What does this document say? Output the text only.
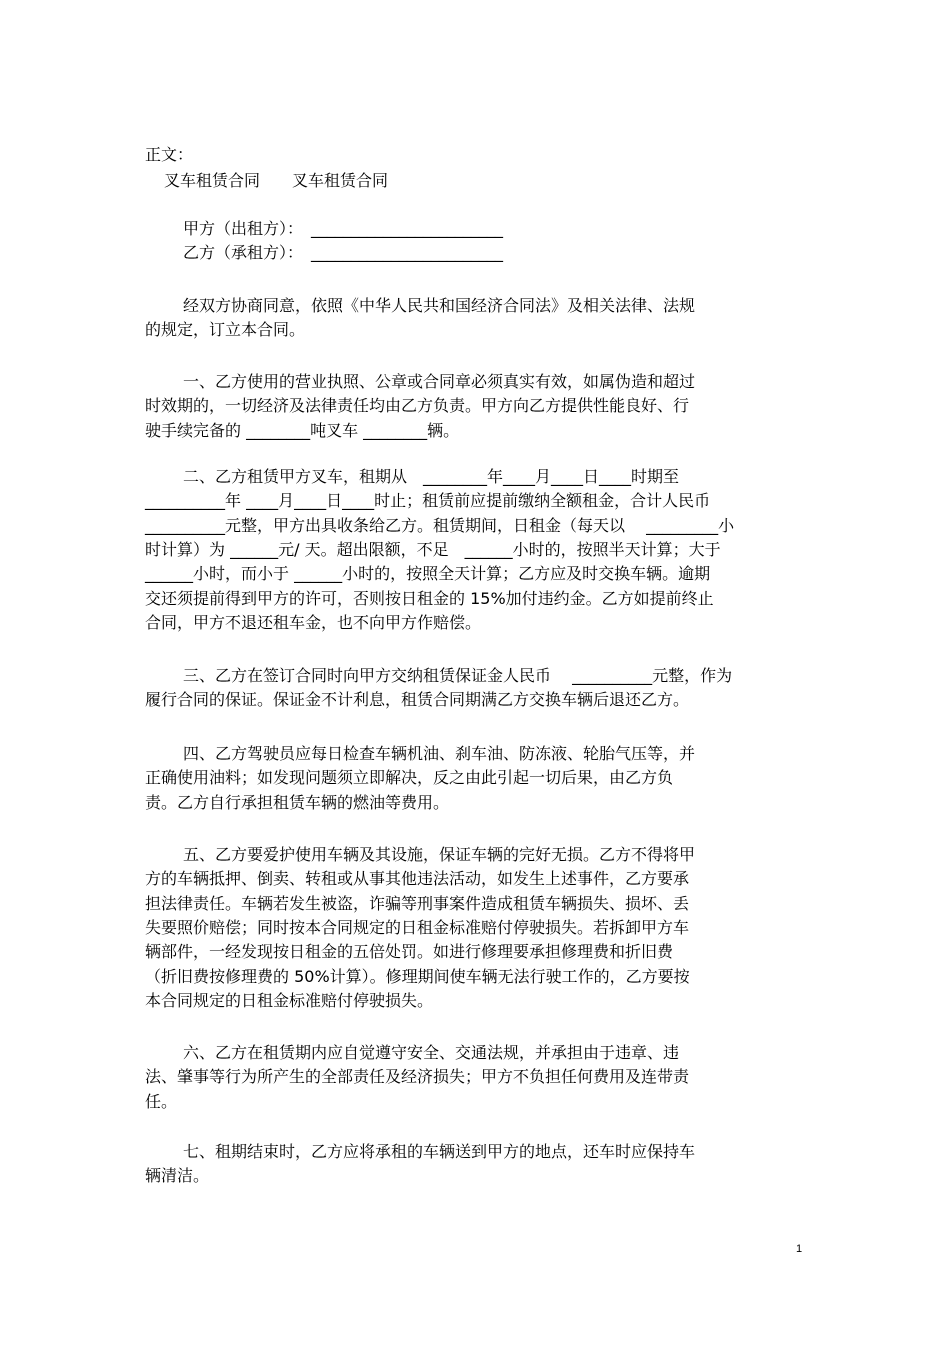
正文：
叉车租赁合同　　叉车租赁合同
甲方（出租方）：　________________________
乙方（承租方）：　________________________
经双方协商同意，依照《中华人民共和国经济合同法》及相关法律、法规
的规定，订立本合同。
一、乙方使用的营业执照、公章或合同章必须真实有效，如属伪造和超过
时效期的，一切经济及法律责任均由乙方负责。甲方向乙方提供性能良好、行
驶手续完备的 ________吨叉车 ________辆。
二、乙方租赁甲方叉车，租期从　________年____月____日____时期至
__________年 ____月____日____时止；租赁前应提前缴纳全额租金，合计人民币
__________元整，甲方出具收条给乙方。租赁期间，日租金（每天以　 _________小
时计算）为 ______元/ 天。超出限额，不足　______小时的，按照半天计算；大于
______小时，而小于 ______小时的，按照全天计算；乙方应及时交换车辆。逾期
交还须提前得到甲方的许可，否则按日租金的 15%加付违约金。乙方如提前终止
合同，甲方不退还租车金，也不向甲方作赔偿。
三、乙方在签订合同时向甲方交纳租赁保证金人民币　 __________元整，作为
履行合同的保证。保证金不计利息，租赁合同期满乙方交换车辆后退还乙方。
四、乙方驾驶员应每日检查车辆机油、刹车油、防冻液、轮胎气压等，并
正确使用油料；如发现问题须立即解决，反之由此引起一切后果，由乙方负
责。乙方自行承担租赁车辆的燃油等费用。
五、乙方要爱护使用车辆及其设施，保证车辆的完好无损。乙方不得将甲
方的车辆抵押、倒卖、转租或从事其他违法活动，如发生上述事件，乙方要承
担法律责任。车辆若发生被盗，诈骗等刑事案件造成租赁车辆损失、损坏、丢
失要照价赔偿；同时按本合同规定的日租金标准赔付停驶损失。若拆卸甲方车
辆部件，一经发现按日租金的五倍处罚。如进行修理要承担修理费和折旧费
（折旧费按修理费的 50%计算）。修理期间使车辆无法行驶工作的，乙方要按
本合同规定的日租金标准赔付停驶损失。
六、乙方在租赁期内应自觉遵守安全、交通法规，并承担由于违章、违
法、肇事等行为所产生的全部责任及经济损失；甲方不负担任何费用及连带责
任。
七、租期结束时，乙方应将承租的车辆送到甲方的地点，还车时应保持车
辆清洁。
1
